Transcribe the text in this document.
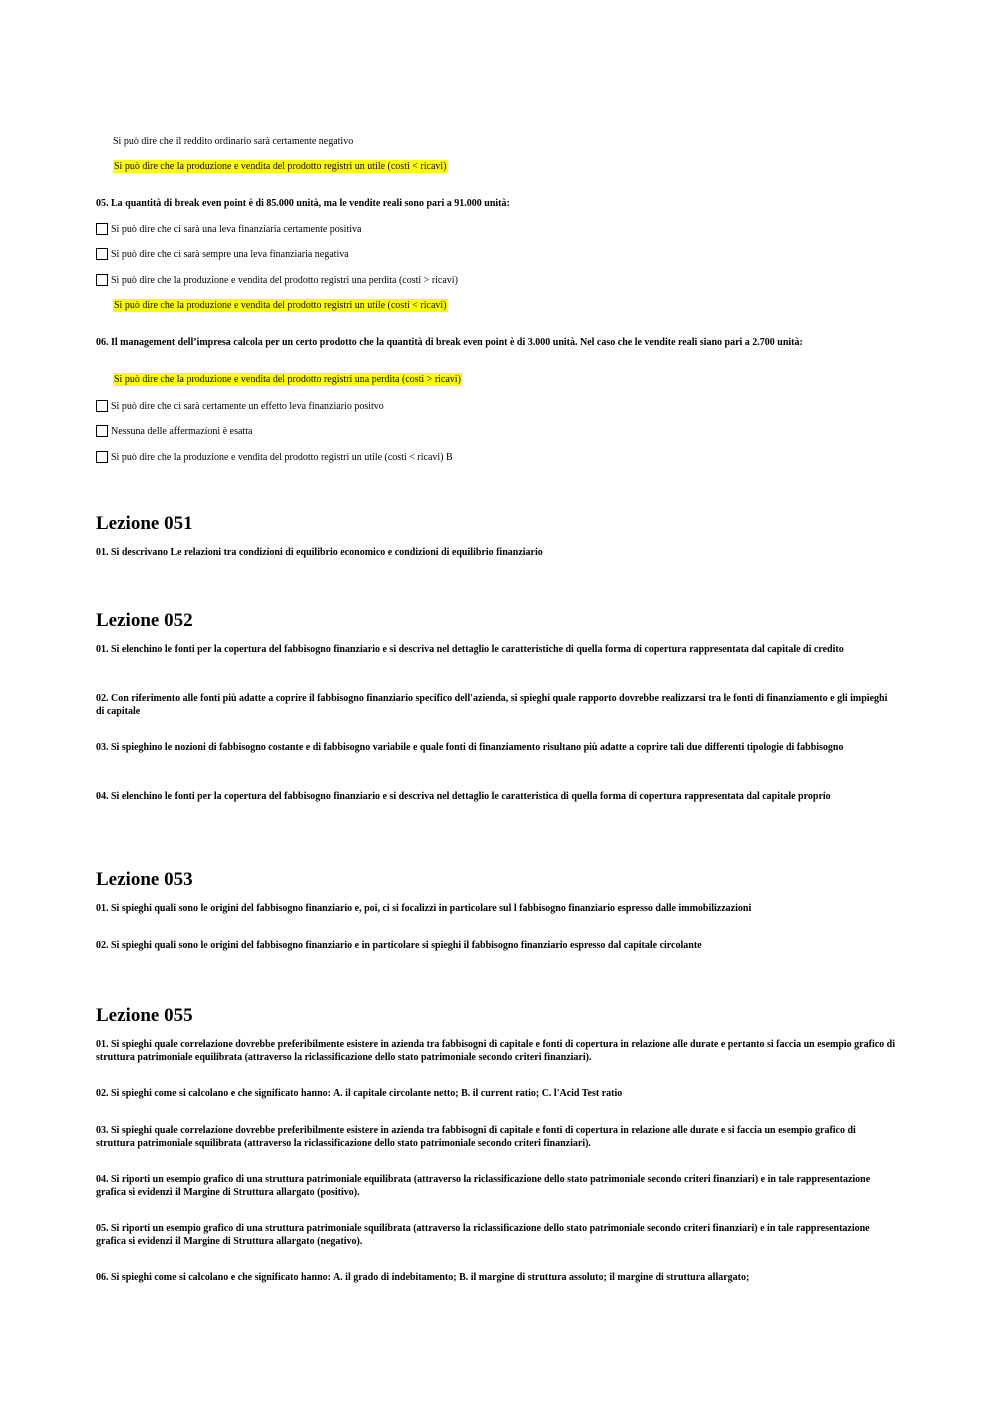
Si può dire che il reddito ordinario sarà certamente negativo
Si può dire che la produzione e vendita del prodotto registri un utile (costi < ricavi)
05. La quantità di break even point è di 85.000 unità, ma le vendite reali sono pari a 91.000 unità:
Si può dire che ci sarà una leva finanziaria certamente positiva
Si può dire che ci sarà sempre una leva finanziaria negativa
Si può dire che la produzione e vendita del prodotto registri una perdita (costi > ricavi)
Si può dire che la produzione e vendita del prodotto registri un utile (costi < ricavi)
06. Il management dell’impresa calcola per un certo prodotto che la quantità di break even point è di 3.000 unità. Nel caso che le vendite reali siano pari a 2.700 unità:
Si può dire che la produzione e vendita del prodotto registri una perdita (costi > ricavi)
Si può dire che ci sarà certamente un effetto leva finanziario positvo
Nessuna delle affermazioni è esatta
Si può dire che la produzione e vendita del prodotto registri un utile (costi < ricavi) B
Lezione 051
01. Si descrivano Le relazioni tra condizioni di equilibrio economico e condizioni di equilibrio finanziario
Lezione 052
01. Si elenchino le fonti per la copertura del fabbisogno finanziario e si descriva nel dettaglio le caratteristiche di quella forma di copertura rappresentata dal capitale di credito
02. Con riferimento alle fonti più adatte a coprire il fabbisogno finanziario specifico dell'azienda, si spieghi quale rapporto dovrebbe realizzarsi tra le fonti di finanziamento e gli impieghi di capitale
03. Si spieghino le nozioni di fabbisogno costante e di fabbisogno variabile e quale fonti di finanziamento risultano più adatte a coprire tali due differenti tipologie di fabbisogno
04. Si elenchino le fonti per la copertura del fabbisogno finanziario e si descriva nel dettaglio le caratteristica di quella forma di copertura rappresentata dal capitale proprio
Lezione 053
01. Si spieghi quali sono le origini del fabbisogno finanziario e, poi, ci si focalizzi in particolare sul l fabbisogno finanziario espresso dalle immobilizzazioni
02. Si spieghi quali sono le origini del fabbisogno finanziario e in particolare si spieghi il fabbisogno finanziario espresso dal capitale circolante
Lezione 055
01. Si spieghi quale correlazione dovrebbe preferibilmente esistere in azienda tra fabbisogni di capitale e fonti di copertura in relazione alle durate e pertanto si faccia un esempio grafico di struttura patrimoniale equilibrata (attraverso la riclassificazione dello stato patrimoniale secondo criteri finanziari).
02. Si spieghi come si calcolano e che significato hanno: A. il capitale circolante netto; B. il current ratio; C. l'Acid Test ratio
03. Si spieghi quale correlazione dovrebbe preferibilmente esistere in azienda tra fabbisogni di capitale e fonti di copertura in relazione alle durate e si faccia un esempio grafico di struttura patrimoniale squilibrata (attraverso la riclassificazione dello stato patrimoniale secondo criteri finanziari).
04. Si riporti un esempio grafico di una struttura patrimoniale equilibrata (attraverso la riclassificazione dello stato patrimoniale secondo criteri finanziari) e in tale rappresentazione grafica si evidenzi il Margine di Struttura allargato (positivo).
05. Si riporti un esempio grafico di una struttura patrimoniale squilibrata (attraverso la riclassificazione dello stato patrimoniale secondo criteri finanziari) e in tale rappresentazione grafica si evidenzi il Margine di Struttura allargato (negativo).
06. Si spieghi come si calcolano e che significato hanno: A. il grado di indebitamento; B. il margine di struttura assoluto; il margine di struttura allargato;
